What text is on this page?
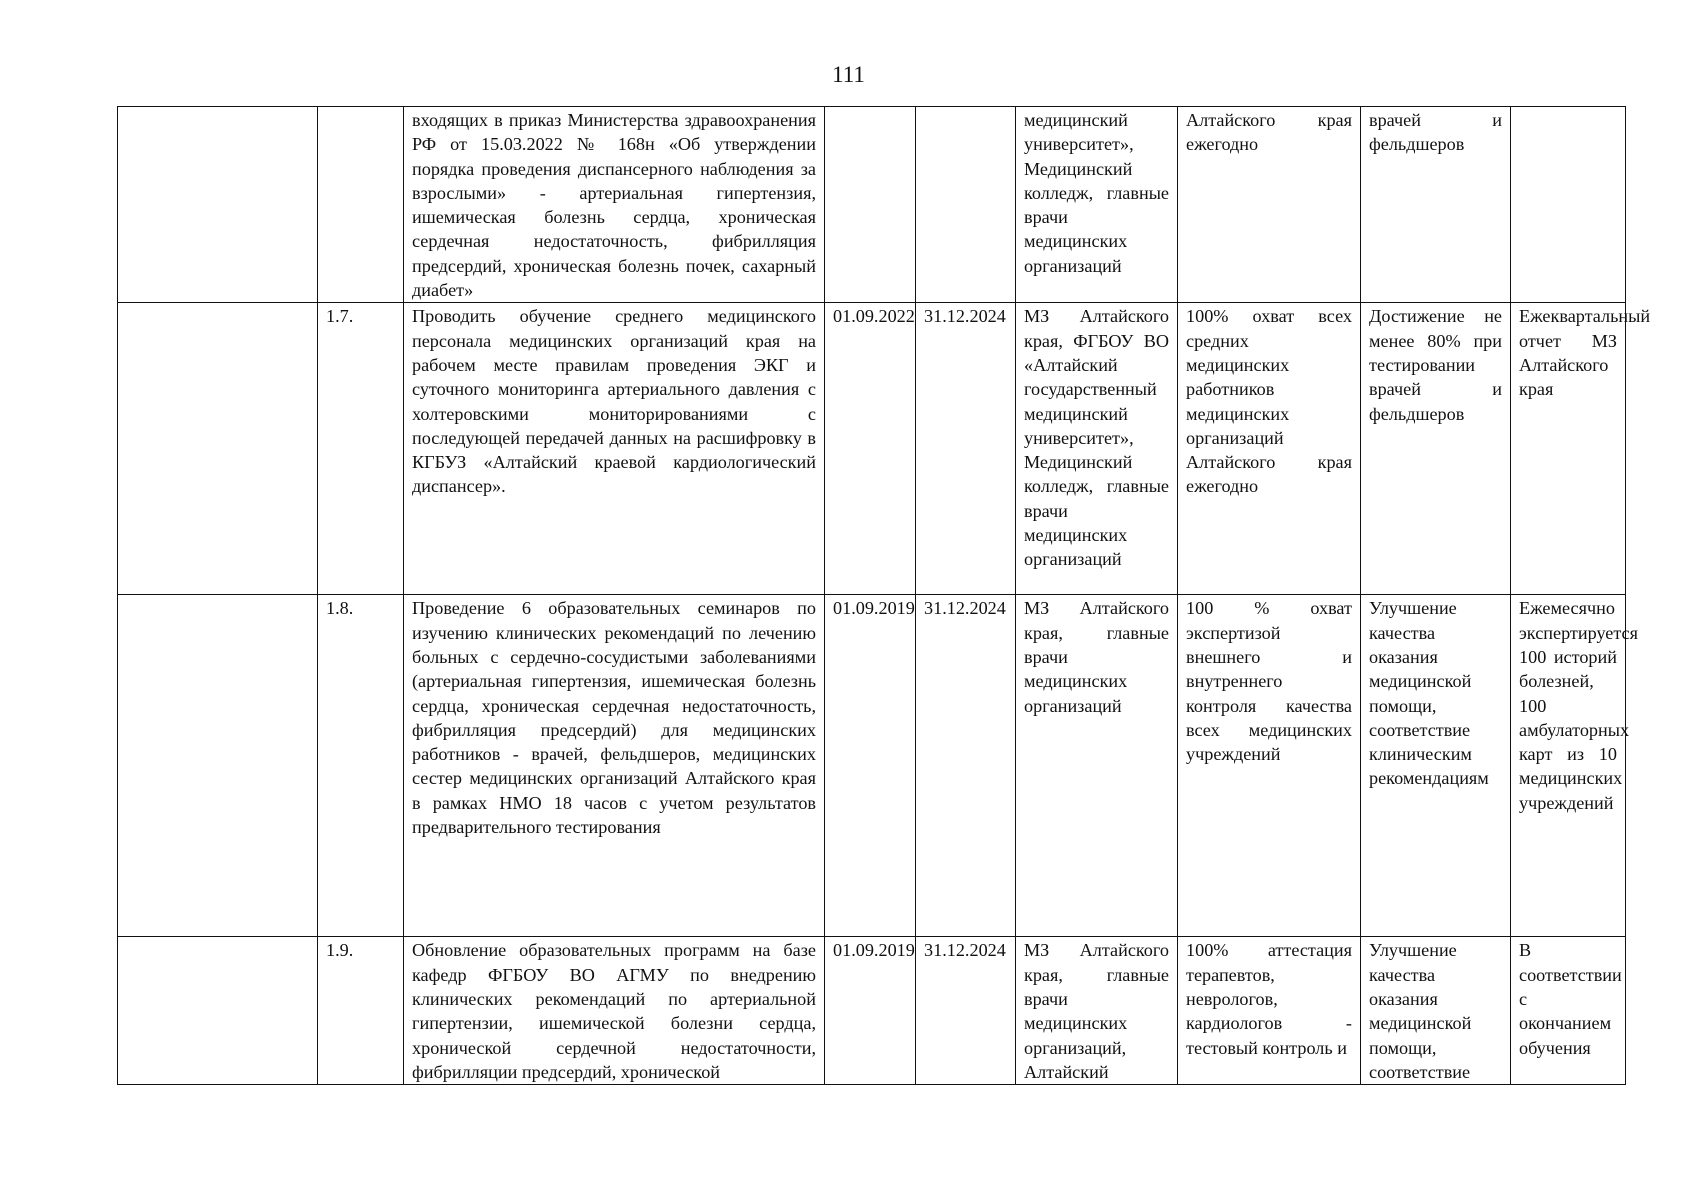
111
		входящих в приказ Министерства здравоохранения РФ от 15.03.2022 № 168н «Об утверждении порядка проведения диспансерного наблюдения за взрослыми» - артериальная гипертензия, ишемическая болезнь сердца, хроническая сердечная недостаточность, фибрилляция предсердий, хроническая болезнь почек, сахарный диабет»			медицинский университет», Медицинский колледж, главные врачи медицинских организаций	Алтайского края ежегодно	врачей и фельдшеров	
	1.7.	Проводить обучение среднего медицинского персонала медицинских организаций края на рабочем месте правилам проведения ЭКГ и суточного мониторинга артериального давления с холтеровскими мониторированиями с последующей передачей данных на расшифровку в КГБУЗ «Алтайский краевой кардиологический диспансер».	01.09.2022	31.12.2024	МЗ Алтайского края, ФГБОУ ВО «Алтайский государственный медицинский университет», Медицинский колледж, главные врачи медицинских организаций	100% охват всех средних медицинских работников медицинских организаций Алтайского края ежегодно	Достижение не менее 80% при тестировании врачей и фельдшеров	Ежеквартальный отчет МЗ Алтайского края
	1.8.	Проведение 6 образовательных семинаров по изучению клинических рекомендаций по лечению больных с сердечно-сосудистыми заболеваниями (артериальная гипертензия, ишемическая болезнь сердца, хроническая сердечная недостаточность, фибрилляция предсердий) для медицинских работников - врачей, фельдшеров, медицинских сестер медицинских организаций Алтайского края в рамках НМО 18 часов с учетом результатов предварительного тестирования	01.09.2019	31.12.2024	МЗ Алтайского края, главные врачи медицинских организаций	100 % охват экспертизой внешнего и внутреннего контроля качества всех медицинских учреждений	Улучшение качества оказания медицинской помощи, соответствие клиническим рекомендациям	Ежемесячно экспертируется 100 историй болезней, 100 амбулаторных карт из 10 медицинских учреждений
	1.9.	Обновление образовательных программ на базе кафедр ФГБОУ ВО АГМУ по внедрению клинических рекомендаций по артериальной гипертензии, ишемической болезни сердца, хронической сердечной недостаточности, фибрилляции предсердий, хронической	01.09.2019	31.12.2024	МЗ Алтайского края, главные врачи медицинских организаций, Алтайский	100% аттестация терапевтов, неврологов, кардиологов - тестовый контроль и	Улучшение качества оказания медицинской помощи, соответствие	В соответствии с окончанием обучения
